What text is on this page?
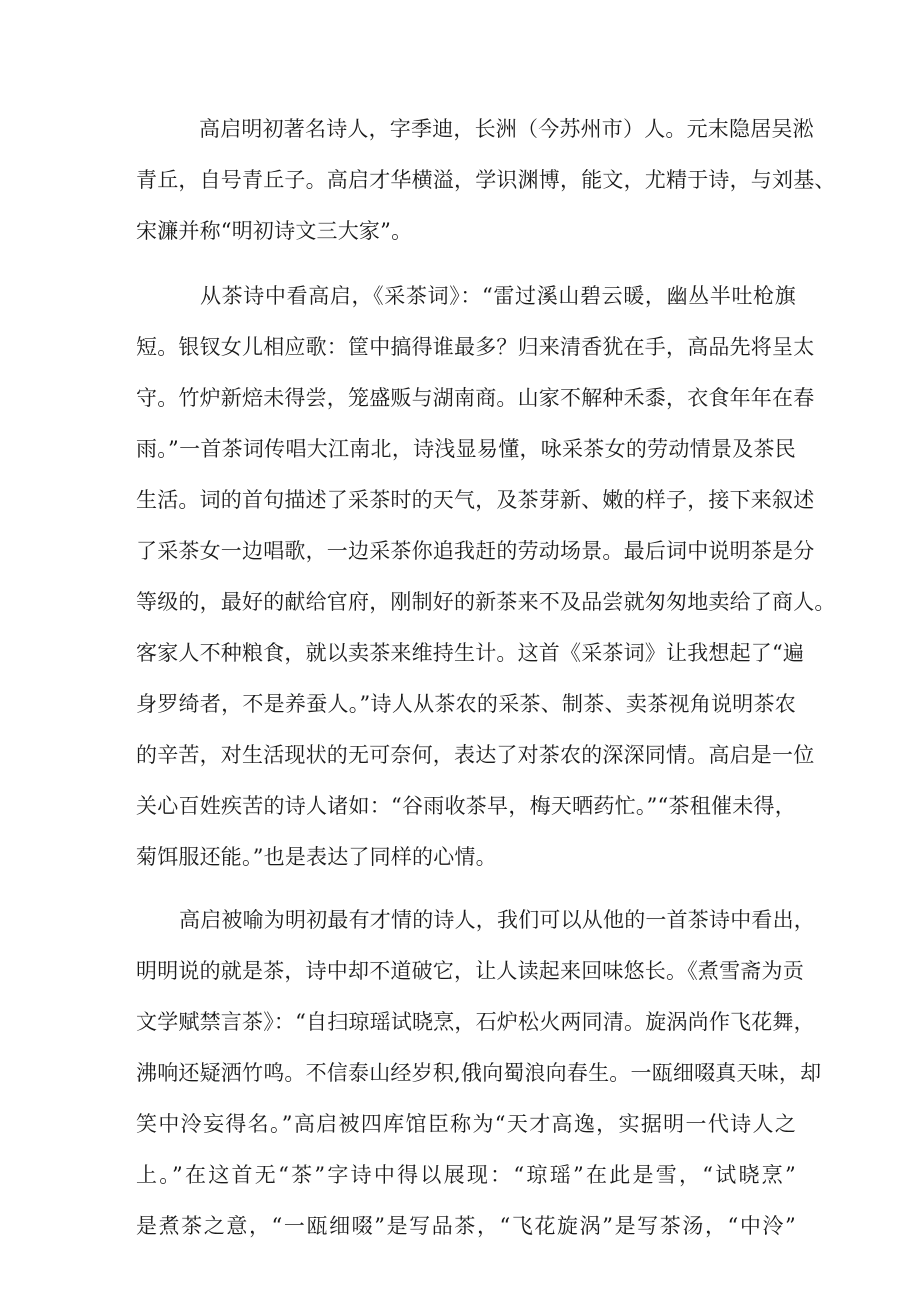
高启明初著名诗人，字季迪，长洲（今苏州市）人。元末隐居吴淞

青丘，自号青丘子。高启才华横溢，学识渊博，能文，尤精于诗，与刘基、

宋濂并称“明初诗文三大家”。

从茶诗中看高启，《采茶词》：“雷过溪山碧云暖，幽丛半吐枪旗

短。银钗女儿相应歌：筐中搞得谁最多？归来清香犹在手，高品先将呈太

守。竹炉新焙未得尝，笼盛贩与湖南商。山家不解种禾黍，衣食年年在春

雨。”一首茶词传唱大江南北，诗浅显易懂，咏采茶女的劳动情景及茶民

生活。词的首句描述了采茶时的天气，及茶芽新、嫩的样子，接下来叙述

了采茶女一边唱歌，一边采茶你追我赶的劳动场景。最后词中说明茶是分

等级的，最好的献给官府，刚制好的新茶来不及品尝就匆匆地卖给了商人。

客家人不种粮食，就以卖茶来维持生计。这首《采茶词》让我想起了“遍

身罗绮者，不是养蚕人。”诗人从茶农的采茶、制茶、卖茶视角说明茶农

的辛苦，对生活现状的无可奈何，表达了对茶农的深深同情。高启是一位

关心百姓疾苦的诗人诸如：“谷雨收茶早，梅天晒药忙。”“茶租催未得，

菊饵服还能。”也是表达了同样的心情。

高启被喻为明初最有才情的诗人，我们可以从他的一首茶诗中看出，

明明说的就是茶，诗中却不道破它，让人读起来回味悠长。《煮雪斋为贡

文学赋禁言茶》：“自扫琼瑶试晓烹，石炉松火两同清。旋涡尚作飞花舞，

沸响还疑洒竹鸣。不信泰山经岁积,俄向蜀浪向春生。一瓯细啜真天味，却

笑中泠妄得名。”高启被四库馆臣称为“天才高逸，实据明一代诗人之

上。”在这首无“茶”字诗中得以展现：“琼瑶”在此是雪，“试晓烹”

是煮茶之意，“一瓯细啜”是写品茶，“飞花旋涡”是写茶汤，“中泠”
